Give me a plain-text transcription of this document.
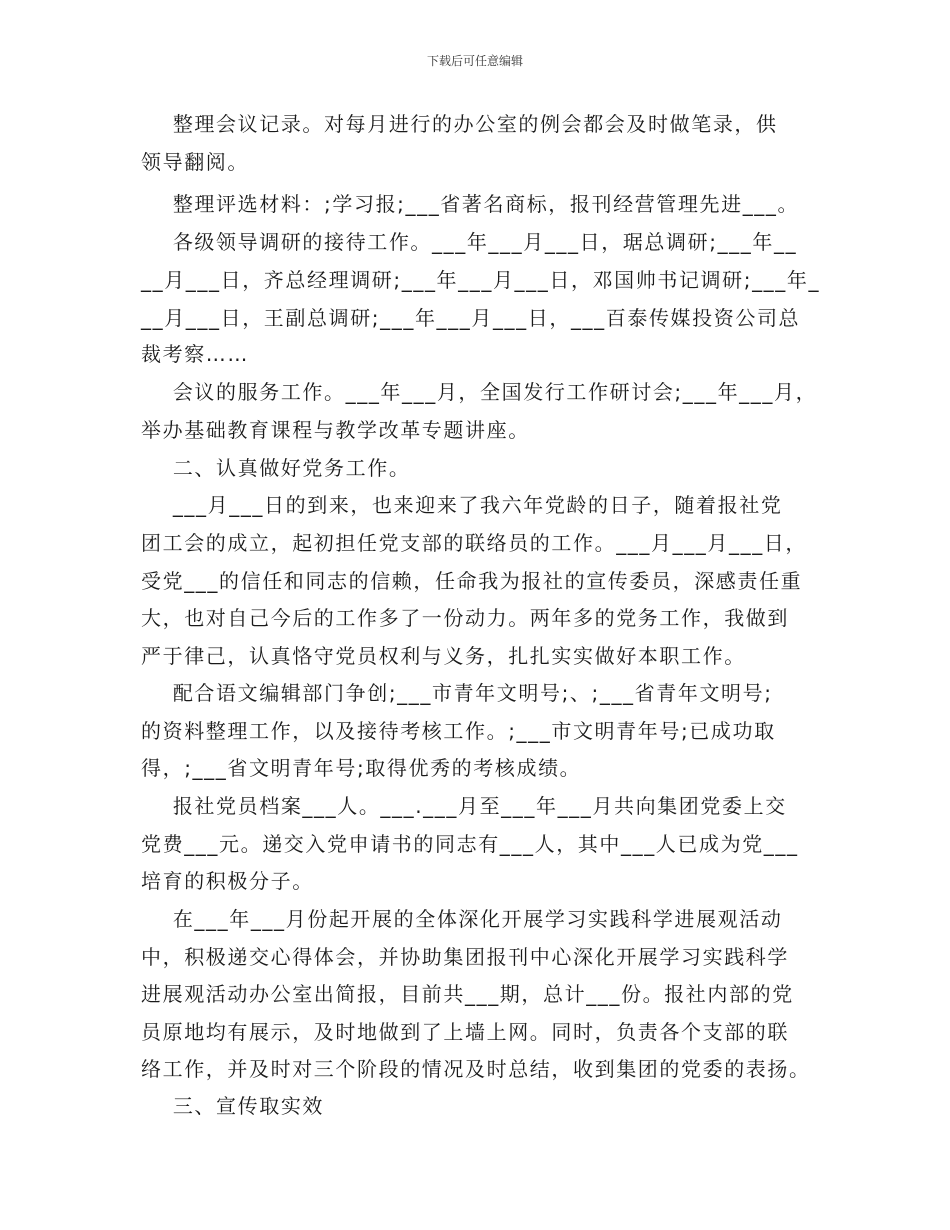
下载后可任意编辑
整理会议记录。对每月进行的办公室的例会都会及时做笔录，供
领导翻阅。
整理评选材料：;学习报;___省著名商标，报刊经营管理先进___。
各级领导调研的接待工作。___年___月___日，琚总调研;___年__
__月___日，齐总经理调研;___年___月___日，邓国帅书记调研;___年_
__月___日，王副总调研;___年___月___日，___百泰传媒投资公司总
裁考察……
会议的服务工作。___年___月，全国发行工作研讨会;___年___月，
举办基础教育课程与教学改革专题讲座。
二、认真做好党务工作。
___月___日的到来，也来迎来了我六年党龄的日子，随着报社党
团工会的成立，起初担任党支部的联络员的工作。___月___月___日，
受党___的信任和同志的信赖，任命我为报社的宣传委员，深感责任重
大，也对自己今后的工作多了一份动力。两年多的党务工作，我做到
严于律己，认真恪守党员权利与义务，扎扎实实做好本职工作。
配合语文编辑部门争创;___市青年文明号;、;___省青年文明号;
的资料整理工作，以及接待考核工作。;___市文明青年号;已成功取
得，;___省文明青年号;取得优秀的考核成绩。
报社党员档案___人。___.___月至___年___月共向集团党委上交
党费___元。递交入党申请书的同志有___人，其中___人已成为党___
培育的积极分子。
在___年___月份起开展的全体深化开展学习实践科学进展观活动
中，积极递交心得体会，并协助集团报刊中心深化开展学习实践科学
进展观活动办公室出简报，目前共___期，总计___份。报社内部的党
员原地均有展示，及时地做到了上墙上网。同时，负责各个支部的联
络工作，并及时对三个阶段的情况及时总结，收到集团的党委的表扬。
三、宣传取实效
